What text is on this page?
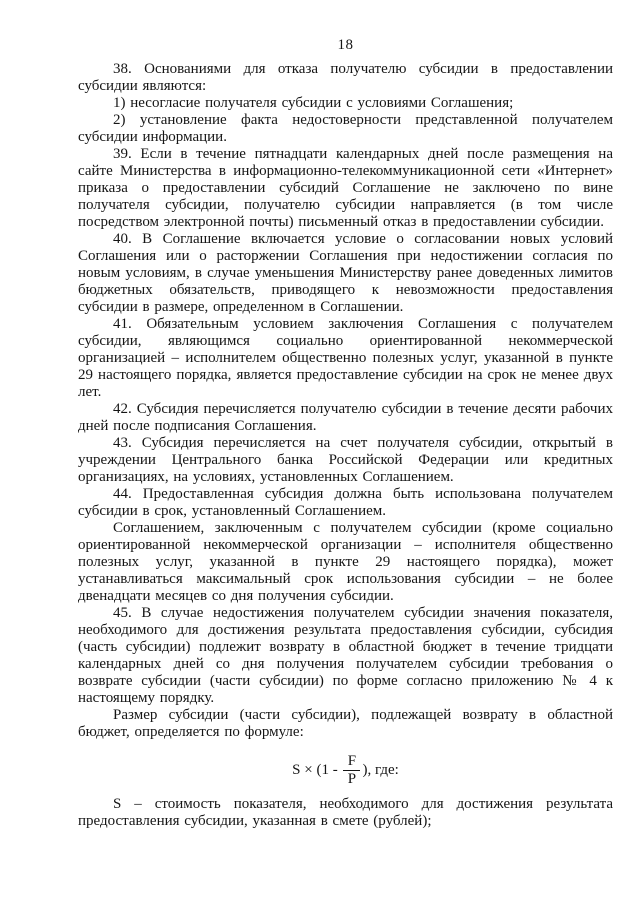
18

38. Основаниями для отказа получателю субсидии в предоставлении субсидии являются:

1) несогласие получателя субсидии с условиями Соглашения;

2) установление факта недостоверности представленной получателем субсидии информации.

39. Если в течение пятнадцати календарных дней после размещения на сайте Министерства в информационно-телекоммуникационной сети «Интернет» приказа о предоставлении субсидий Соглашение не заключено по вине получателя субсидии, получателю субсидии направляется (в том числе посредством электронной почты) письменный отказ в предоставлении субсидии.

40. В Соглашение включается условие о согласовании новых условий Соглашения или о расторжении Соглашения при недостижении согласия по новым условиям, в случае уменьшения Министерству ранее доведенных лимитов бюджетных обязательств, приводящего к невозможности предоставления субсидии в размере, определенном в Соглашении.

41. Обязательным условием заключения Соглашения с получателем субсидии, являющимся социально ориентированной некоммерческой организацией – исполнителем общественно полезных услуг, указанной в пункте 29 настоящего порядка, является предоставление субсидии на срок не менее двух лет.

42. Субсидия перечисляется получателю субсидии в течение десяти рабочих дней после подписания Соглашения.

43. Субсидия перечисляется на счет получателя субсидии, открытый в учреждении Центрального банка Российской Федерации или кредитных организациях, на условиях, установленных Соглашением.

44. Предоставленная субсидия должна быть использована получателем субсидии в срок, установленный Соглашением.

Соглашением, заключенным с получателем субсидии (кроме социально ориентированной некоммерческой организации – исполнителя общественно полезных услуг, указанной в пункте 29 настоящего порядка), может устанавливаться максимальный срок использования субсидии – не более двенадцати месяцев со дня получения субсидии.

45. В случае недостижения получателем субсидии значения показателя, необходимого для достижения результата предоставления субсидии, субсидия (часть субсидии) подлежит возврату в областной бюджет в течение тридцати календарных дней со дня получения получателем субсидии требования о возврате субсидии (части субсидии) по форме согласно приложению № 4 к настоящему порядку.

Размер субсидии (части субсидии), подлежащей возврату в областной бюджет, определяется по формуле:

$S \times (1 - \frac{F}{P}$ ), где:

S – стоимость показателя, необходимого для достижения результата предоставления субсидии, указанная в смете (рублей);
